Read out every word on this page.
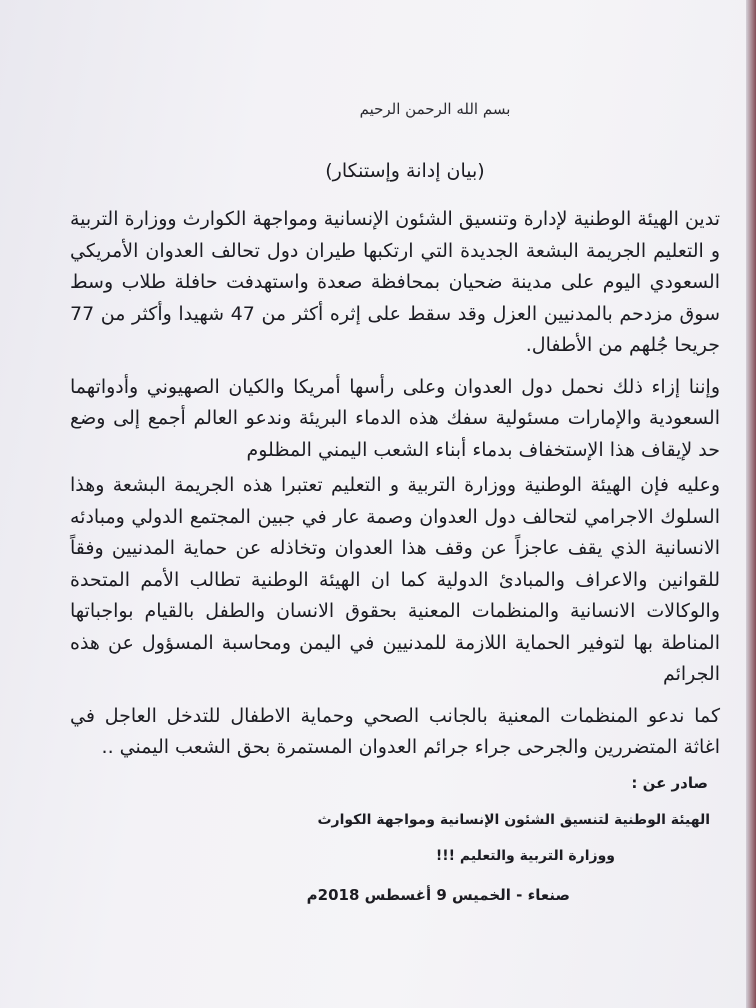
بسم الله الرحمن الرحيم
(بيان إدانة وإستنكار)

تدين الهيئة الوطنية لإدارة وتنسيق الشئون الإنسانية ومواجهة الكوارث ووزارة التربية و التعليم الجريمة البشعة الجديدة التي ارتكبها طيران دول تحالف العدوان الأمريكي السعودي اليوم على مدينة ضحيان بمحافظة صعدة واستهدفت حافلة طلاب وسط سوق مزدحم بالمدنيين العزل وقد سقط على إثره أكثر من 47 شهيدا وأكثر من 77 جريحا جُلهم من الأطفال.

وإننا إزاء ذلك نحمل دول العدوان وعلى رأسها أمريكا والكيان الصهيوني وأدواتهما السعودية والإمارات مسئولية سفك هذه الدماء البريئة وندعو العالم أجمع إلى وضع حد لإيقاف هذا الإستخفاف بدماء أبناء الشعب اليمني المظلوم

وعليه فإن الهيئة الوطنية ووزارة التربية و التعليم تعتبرا هذه الجريمة البشعة وهذا السلوك الاجرامي لتحالف دول العدوان وصمة عار في جبين المجتمع الدولي ومبادئه الانسانية الذي يقف عاجزاً عن وقف هذا العدوان وتخاذله عن حماية المدنيين وفقاً للقوانين والاعراف والمبادئ الدولية كما ان الهيئة الوطنية تطالب الأمم المتحدة والوكالات الانسانية والمنظمات المعنية بحقوق الانسان والطفل بالقيام بواجباتها المناطة بها لتوفير الحماية اللازمة للمدنيين في اليمن ومحاسبة المسؤول عن هذه الجرائم

كما ندعو المنظمات المعنية بالجانب الصحي وحماية الاطفال للتدخل العاجل في اغاثة المتضررين والجرحى جراء جرائم العدوان المستمرة بحق الشعب اليمني ..

صادر عن :
الهيئة الوطنية لتنسيق الشئون الإنسانية ومواجهة الكوارث
ووزارة التربية والتعليم !!!
صنعاء - الخميس 9 أغسطس 2018م
